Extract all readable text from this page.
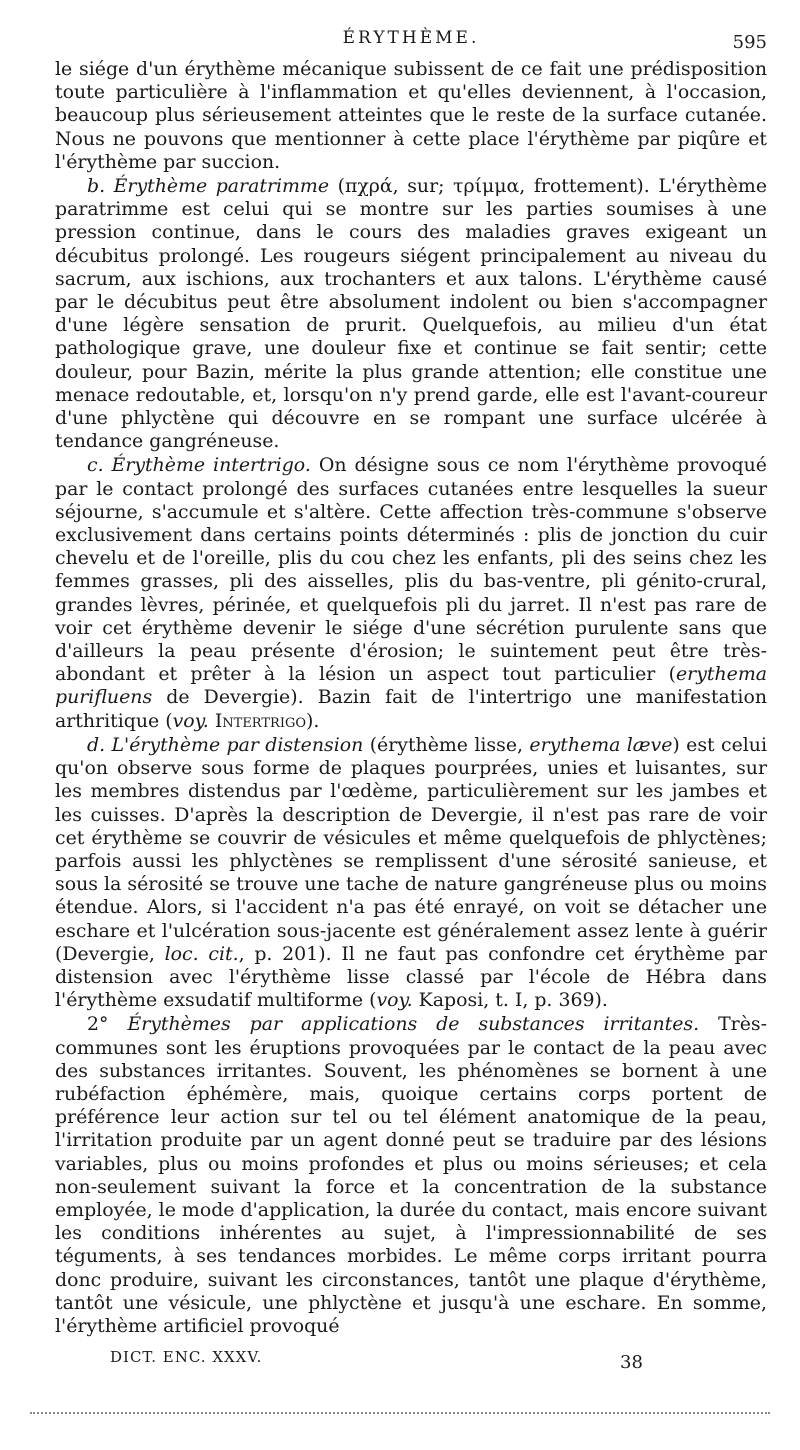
ÉRYTHÈME.	595

le siége d'un érythème mécanique subissent de ce fait une prédisposition toute particulière à l'inflammation et qu'elles deviennent, à l'occasion, beaucoup plus sérieusement atteintes que le reste de la surface cutanée. Nous ne pouvons que mentionner à cette place l'érythème par piqûre et l'érythème par succion.

b. Érythème paratrimme (πχρά, sur; τρίμμα, frottement). L'érythème paratrimme est celui qui se montre sur les parties soumises à une pression continue, dans le cours des maladies graves exigeant un décubitus prolongé. Les rougeurs siégent principalement au niveau du sacrum, aux ischions, aux trochanters et aux talons. L'érythème causé par le décubitus peut être absolument indolent ou bien s'accompagner d'une légère sensation de prurit. Quelquefois, au milieu d'un état pathologique grave, une douleur fixe et continue se fait sentir; cette douleur, pour Bazin, mérite la plus grande attention; elle constitue une menace redoutable, et, lorsqu'on n'y prend garde, elle est l'avant-coureur d'une phlyctène qui découvre en se rompant une surface ulcérée à tendance gangréneuse.

c. Érythème intertrigo. On désigne sous ce nom l'érythème provoqué par le contact prolongé des surfaces cutanées entre lesquelles la sueur séjourne, s'accumule et s'altère. Cette affection très-commune s'observe exclusivement dans certains points déterminés : plis de jonction du cuir chevelu et de l'oreille, plis du cou chez les enfants, pli des seins chez les femmes grasses, pli des aisselles, plis du bas-ventre, pli génito-crural, grandes lèvres, périnée, et quelquefois pli du jarret. Il n'est pas rare de voir cet érythème devenir le siége d'une sécrétion purulente sans que d'ailleurs la peau présente d'érosion; le suintement peut être très-abondant et prêter à la lésion un aspect tout particulier (erythema purifluens de Devergie). Bazin fait de l'intertrigo une manifestation arthritique (voy. Intertrigo).

d. L'érythème par distension (érythème lisse, erythema læve) est celui qu'on observe sous forme de plaques pourprées, unies et luisantes, sur les membres distendus par l'œdème, particulièrement sur les jambes et les cuisses. D'après la description de Devergie, il n'est pas rare de voir cet érythème se couvrir de vésicules et même quelquefois de phlyctènes; parfois aussi les phlyctènes se remplissent d'une sérosité sanieuse, et sous la sérosité se trouve une tache de nature gangréneuse plus ou moins étendue. Alors, si l'accident n'a pas été enrayé, on voit se détacher une eschare et l'ulcération sous-jacente est généralement assez lente à guérir (Devergie, loc. cit., p. 201). Il ne faut pas confondre cet érythème par distension avec l'érythème lisse classé par l'école de Hébra dans l'érythème exsudatif multiforme (voy. Kaposi, t. I, p. 369).

2° Érythèmes par applications de substances irritantes. Très-communes sont les éruptions provoquées par le contact de la peau avec des substances irritantes. Souvent, les phénomènes se bornent à une rubéfaction éphémère, mais, quoique certains corps portent de préférence leur action sur tel ou tel élément anatomique de la peau, l'irritation produite par un agent donné peut se traduire par des lésions variables, plus ou moins profondes et plus ou moins sérieuses; et cela non-seulement suivant la force et la concentration de la substance employée, le mode d'application, la durée du contact, mais encore suivant les conditions inhérentes au sujet, à l'impressionnabilité de ses téguments, à ses tendances morbides. Le même corps irritant pourra donc produire, suivant les circonstances, tantôt une plaque d'érythème, tantôt une vésicule, une phlyctène et jusqu'à une eschare. En somme, l'érythème artificiel provoqué

DICT. ENC. XXXV.	38
